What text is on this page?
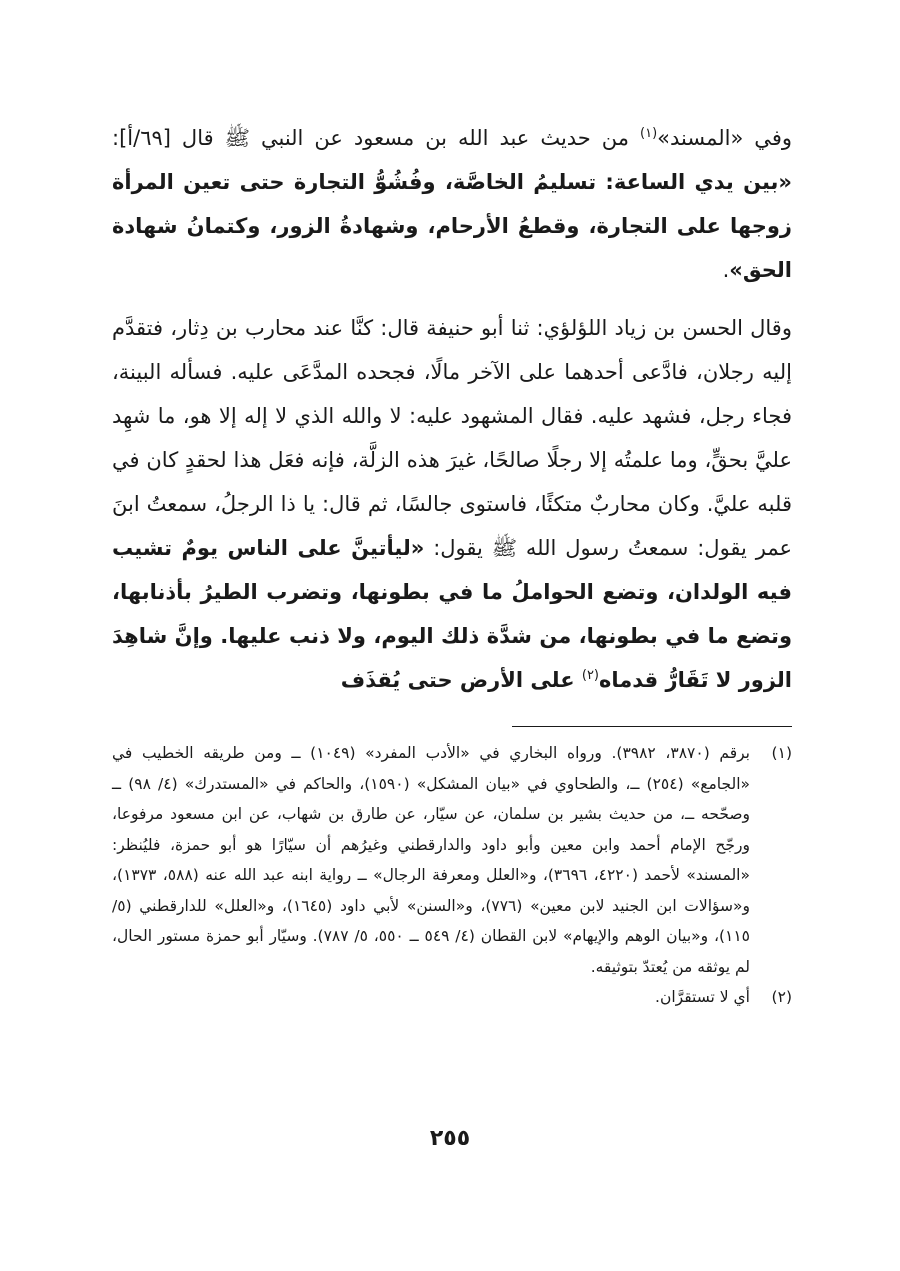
وفي «المسند»$^{(١)}$ من حديث عبد الله بن مسعود عن النبي ﷺ قال [٦٩/أ]: «بين يدي الساعة: تسليمُ الخاصَّة، وفُشُوُّ التجارة حتى تعين المرأة زوجها على التجارة، وقطعُ الأرحام، وشهادةُ الزور، وكتمانُ شهادة الحق».

وقال الحسن بن زياد اللؤلؤي: ثنا أبو حنيفة قال: كنَّا عند محارب بن دِثار، فتقدَّم إليه رجلان، فادَّعى أحدهما على الآخر مالًا، فجحده المدَّعَى عليه. فسأله البينة، فجاء رجل، فشهد عليه. فقال المشهود عليه: لا والله الذي لا إله إلا هو، ما شهِد عليَّ بحقٍّ، وما علمتُه إلا رجلًا صالحًا، غيرَ هذه الزلَّة، فإنه فعَل هذا لحقدٍ كان في قلبه عليَّ. وكان محاربٌ متكئًا، فاستوى جالسًا، ثم قال: يا ذا الرجلُ، سمعتُ ابنَ عمر يقول: سمعتُ رسول الله ﷺ يقول: «ليأتينَّ على الناس يومٌ تشيب فيه الولدان، وتضع الحواملُ ما في بطونها، وتضرب الطيرُ بأذنابها، وتضع ما في بطونها، من شدَّة ذلك اليوم، ولا ذنب عليها. وإنَّ شاهِدَ الزور لا تَقَارُّ قدماه$^{(٢)}$ على الأرض حتى يُقذَف

(١)
برقم (٣٨٧٠، ٣٩٨٢). ورواه البخاري في «الأدب المفرد» (١٠٤٩) ــ ومن طريقه الخطيب في «الجامع» (٢٥٤) ــ، والطحاوي في «بيان المشكل» (١٥٩٠)، والحاكم في «المستدرك» (٤/ ٩٨) ــ وصحّحه ــ، من حديث بشير بن سلمان، عن سيّار، عن طارق بن شهاب، عن ابن مسعود مرفوعا، ورجّح الإمام أحمد وابن معين وأبو داود والدارقطني وغيرُهم أن سيّارًا هو أبو حمزة، فليُنظر: «المسند» لأحمد (٤٢٢٠، ٣٦٩٦)، و«العلل ومعرفة الرجال» ــ رواية ابنه عبد الله عنه (٥٨٨، ١٣٧٣)، و«سؤالات ابن الجنيد لابن معين» (٧٧٦)، و«السنن» لأبي داود (١٦٤٥)، و«العلل» للدارقطني (٥/ ١١٥)، و«بيان الوهم والإيهام» لابن القطان (٤/ ٥٤٩ ــ ٥٥٠، ٥/ ٧٨٧). وسيّار أبو حمزة مستور الحال، لم يوثقه من يُعتدّ بتوثيقه.
(٢)
أي لا تستقرَّان.
٢٥٥
